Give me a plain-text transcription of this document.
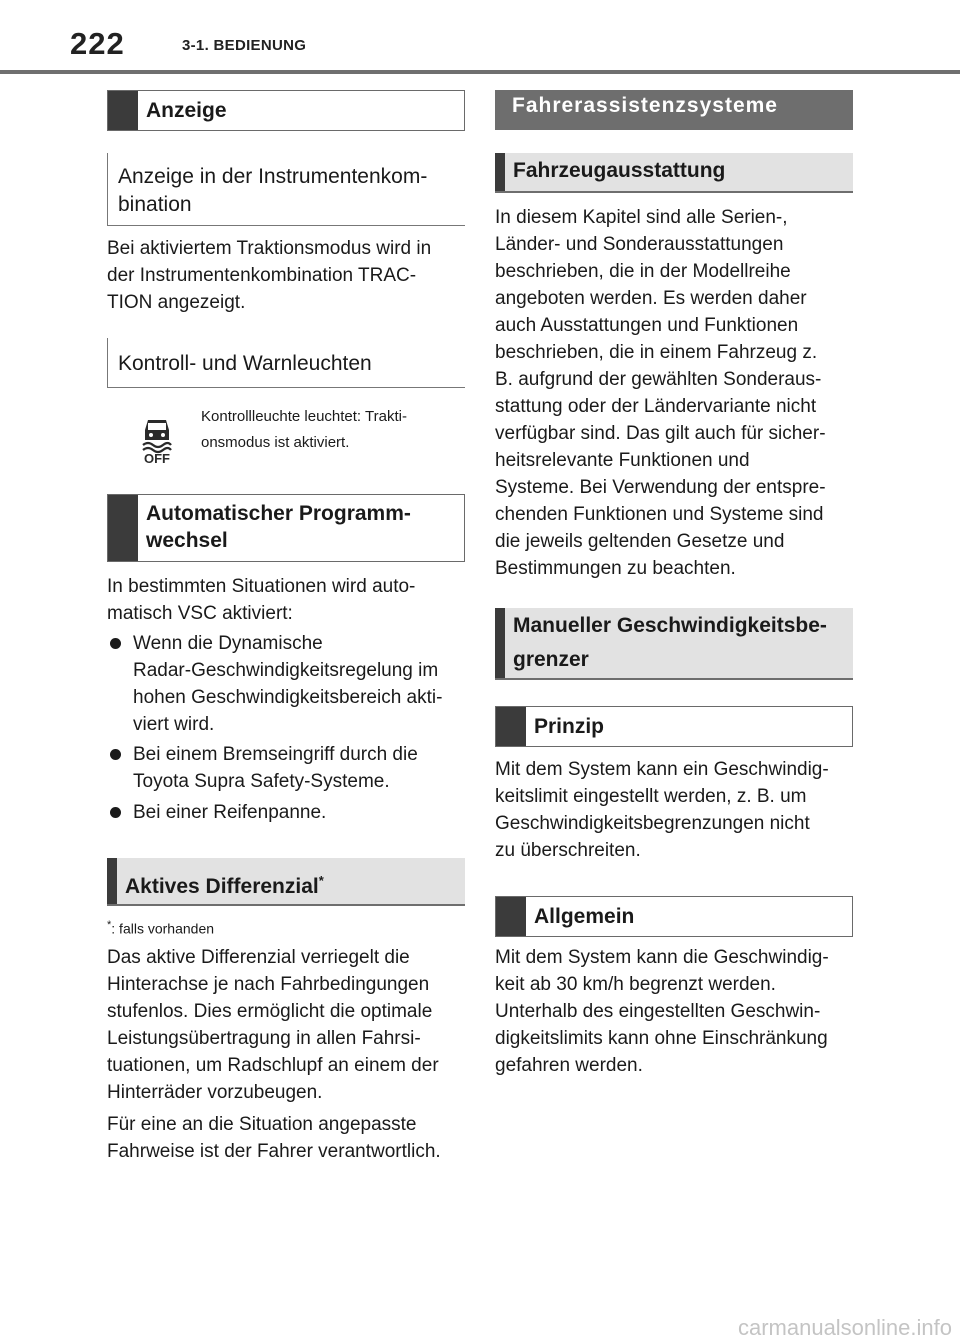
222	3-1. BEDIENUNG
Anzeige
Anzeige in der Instrumentenkom-
bination

Bei aktiviertem Traktionsmodus wird in
der Instrumentenkombination TRAC-
TION angezeigt.

Kontroll- und Warnleuchten
OFF
Kontrollleuchte leuchtet: Trakti-
onsmodus ist aktiviert.
Automatischer Programm-
wechsel

In bestimmten Situationen wird auto-
matisch VSC aktiviert:

Wenn die Dynamische
Radar-Geschwindigkeitsregelung im
hohen Geschwindigkeitsbereich akti-
viert wird.
Bei einem Bremseingriff durch die
Toyota Supra Safety-Systeme.
Bei einer Reifenpanne.
Aktives Differenzial*
*: falls vorhanden

Das aktive Differenzial verriegelt die
Hinterachse je nach Fahrbedingungen
stufenlos. Dies ermöglicht die optimale
Leistungsübertragung in allen Fahrsi-
tuationen, um Radschlupf an einem der
Hinterräder vorzubeugen.

Für eine an die Situation angepasste
Fahrweise ist der Fahrer verantwortlich.

Fahrerassistenzsysteme
Fahrzeugausstattung

In diesem Kapitel sind alle Serien-,
Länder- und Sonderausstattungen
beschrieben, die in der Modellreihe
angeboten werden. Es werden daher
auch Ausstattungen und Funktionen
beschrieben, die in einem Fahrzeug z.
B. aufgrund der gewählten Sonderaus-
stattung oder der Ländervariante nicht
verfügbar sind. Das gilt auch für sicher-
heitsrelevante Funktionen und
Systeme. Bei Verwendung der entspre-
chenden Funktionen und Systeme sind
die jeweils geltenden Gesetze und
Bestimmungen zu beachten.

Manueller Geschwindigkeitsbe-
grenzer
Prinzip

Mit dem System kann ein Geschwindig-
keitslimit eingestellt werden, z. B. um
Geschwindigkeitsbegrenzungen nicht
zu überschreiten.

Allgemein

Mit dem System kann die Geschwindig-
keit ab 30 km/h begrenzt werden.
Unterhalb des eingestellten Geschwin-
digkeitslimits kann ohne Einschränkung
gefahren werden.

carmanualsonline.info
